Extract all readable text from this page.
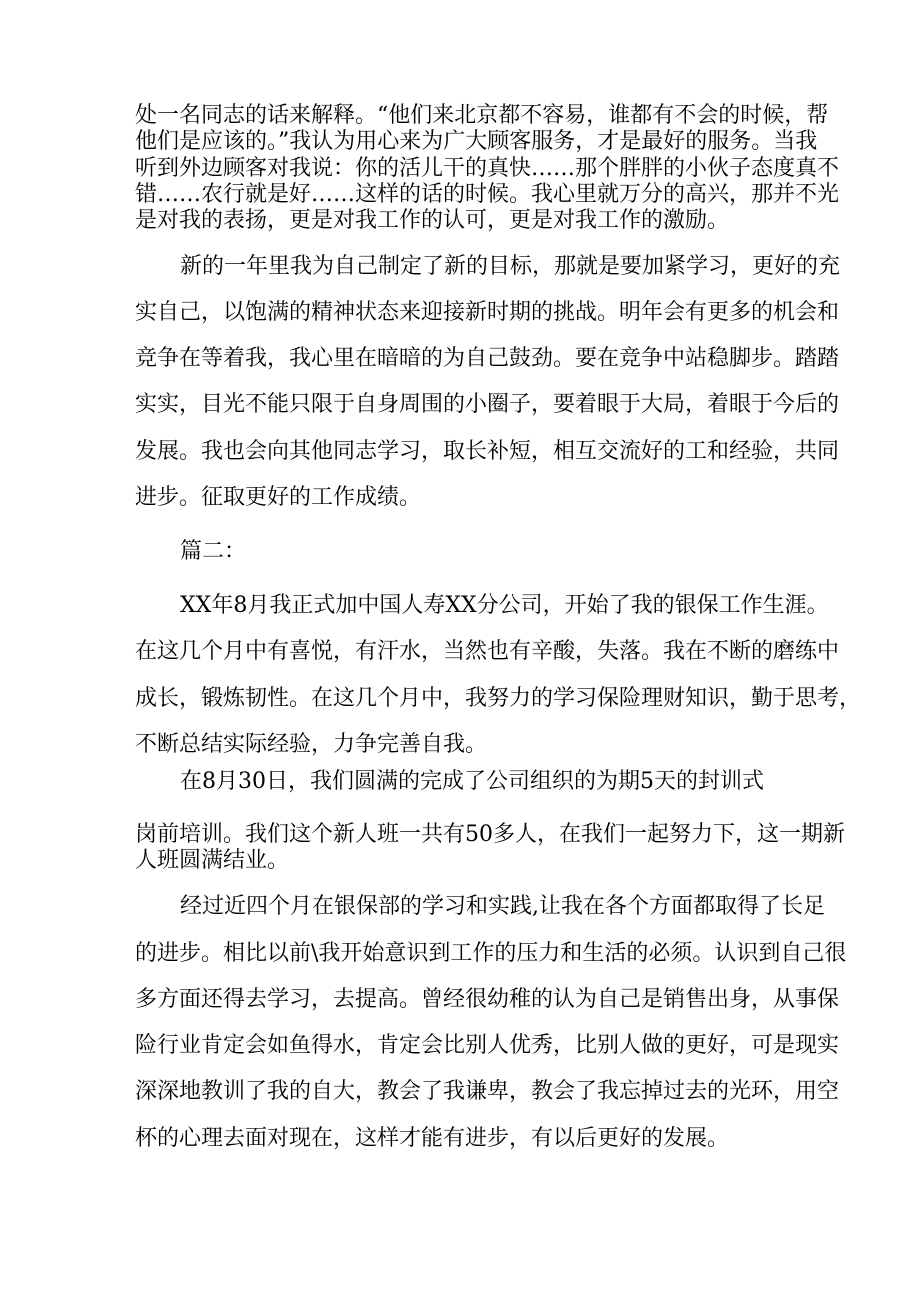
处一名同志的话来解释。“他们来北京都不容易，谁都有不会的时候，帮

他们是应该的。”我认为用心来为广大顾客服务，才是最好的服务。当我

听到外边顾客对我说：你的活儿干的真快……那个胖胖的小伙子态度真不

错……农行就是好……这样的话的时候。我心里就万分的高兴，那并不光

是对我的表扬，更是对我工作的认可，更是对我工作的激励。

新的一年里我为自己制定了新的目标，那就是要加紧学习，更好的充

实自己，以饱满的精神状态来迎接新时期的挑战。明年会有更多的机会和

竞争在等着我，我心里在暗暗的为自己鼓劲。要在竞争中站稳脚步。踏踏

实实，目光不能只限于自身周围的小圈子，要着眼于大局，着眼于今后的

发展。我也会向其他同志学习，取长补短，相互交流好的工和经验，共同

进步。征取更好的工作成绩。

篇二：

XX年8月我正式加中国人寿XX分公司，开始了我的银保工作生涯。

在这几个月中有喜悦，有汗水，当然也有辛酸，失落。我在不断的磨练中

成长，锻炼韧性。在这几个月中，我努力的学习保险理财知识，勤于思考，

不断总结实际经验，力争完善自我。

在8月30日，我们圆满的完成了公司组织的为期5天的封训式

岗前培训。我们这个新人班一共有50多人，在我们一起努力下，这一期新

人班圆满结业。

经过近四个月在银保部的学习和实践,让我在各个方面都取得了长足

的进步。相比以前\我开始意识到工作的压力和生活的必须。认识到自己很

多方面还得去学习，去提高。曾经很幼稚的认为自己是销售出身，从事保

险行业肯定会如鱼得水，肯定会比别人优秀，比别人做的更好，可是现实

深深地教训了我的自大，教会了我谦卑，教会了我忘掉过去的光环，用空

杯的心理去面对现在，这样才能有进步，有以后更好的发展。
